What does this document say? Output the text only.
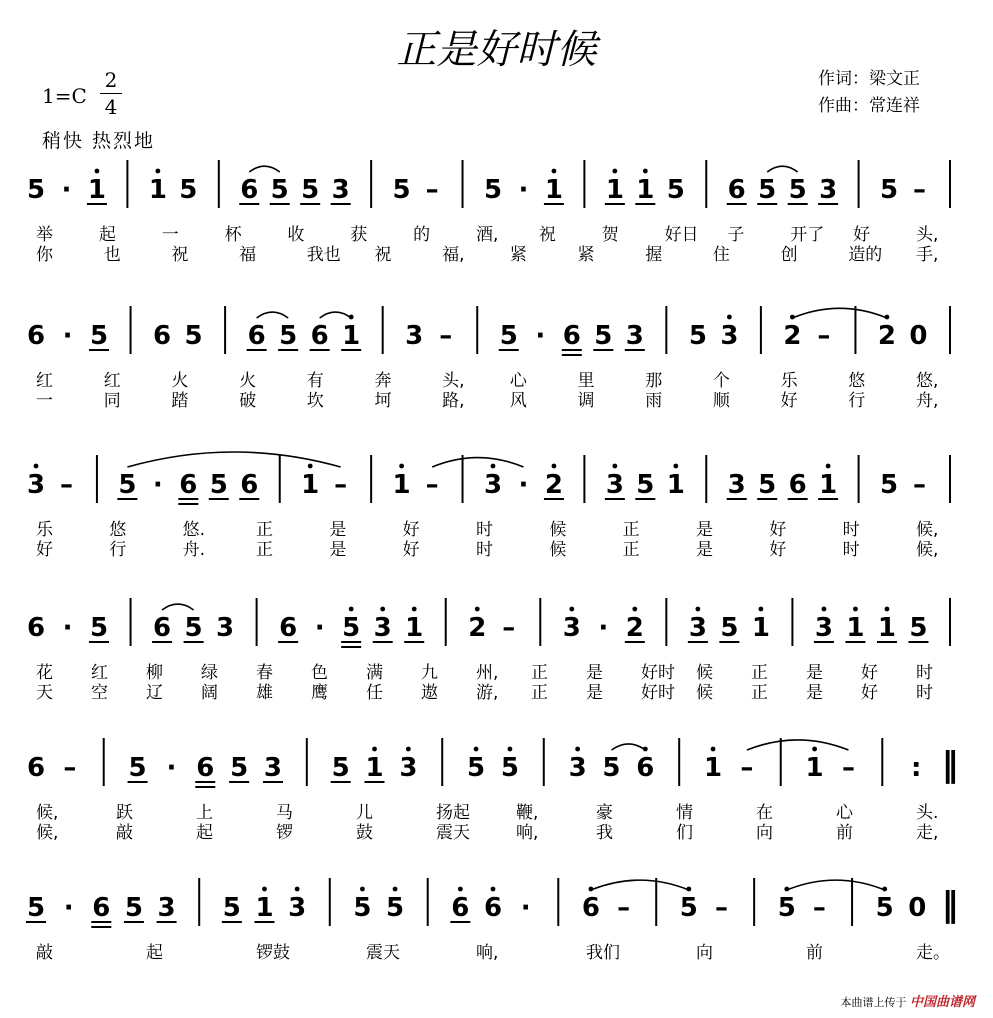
正是好时候
1=C
2
4
作词：梁文正
作曲：常连祥
稍快 热烈地
5 · 1 1 5 6 5 5 3 5 – 5 · 1 1 1 5 6 5 5 3 5 –
举	起	一	杯	收	获	的	酒, 祝	贺	好日 子	开了 好	头,
你	也	祝	福	我也 祝	福,	紧	紧	握	住	创	造的 手,
6 · 5 6 5 6 5 6 1 3 – 5 · 6 5 3 5 3 2 – 2 0
红	红	火	火	有	奔	头,	心	里	那	个	乐	悠	悠,
一	同	踏	破	坎	坷	路,	风	调	雨	顺	好	行	舟,
3 – 5 · 6 5 6 1 – 1 – 3 · 2 3 5 1 3 5 6 1 5 –
乐	悠	悠.	正	是	好	时	候	正	是	好	时	候,
好	行	舟.	正	是	好	时	候	正	是	好	时	候,
6 · 5 6 5 3 6 · 5 3 1 2 – 3 · 2 3 5 1 3 1 1 5
花 红 柳 绿 春 色 满 九 州, 正 是 好时 候 正 是 好 时
天 空 辽 阔 雄 鹰 任 遨 游, 正 是 好时 候 正 是 好 时
6 – 5 · 6 5 3 5 1 3 5 5 3 5 6 1 – 1 – : ‖
候,	跃	上	马	儿	扬起	鞭,	豪	情	在	心	头.
候,	敲	起	锣	鼓	震天	响,	我	们	向	前	走,
5 · 6 5 3 5 1 3 5 5 6 6 · 6 – 5 – 5 – 5 0 ‖
敲	起	锣鼓	震天	响,	我们	向	前	走。
本曲谱上传于 中国曲谱网
